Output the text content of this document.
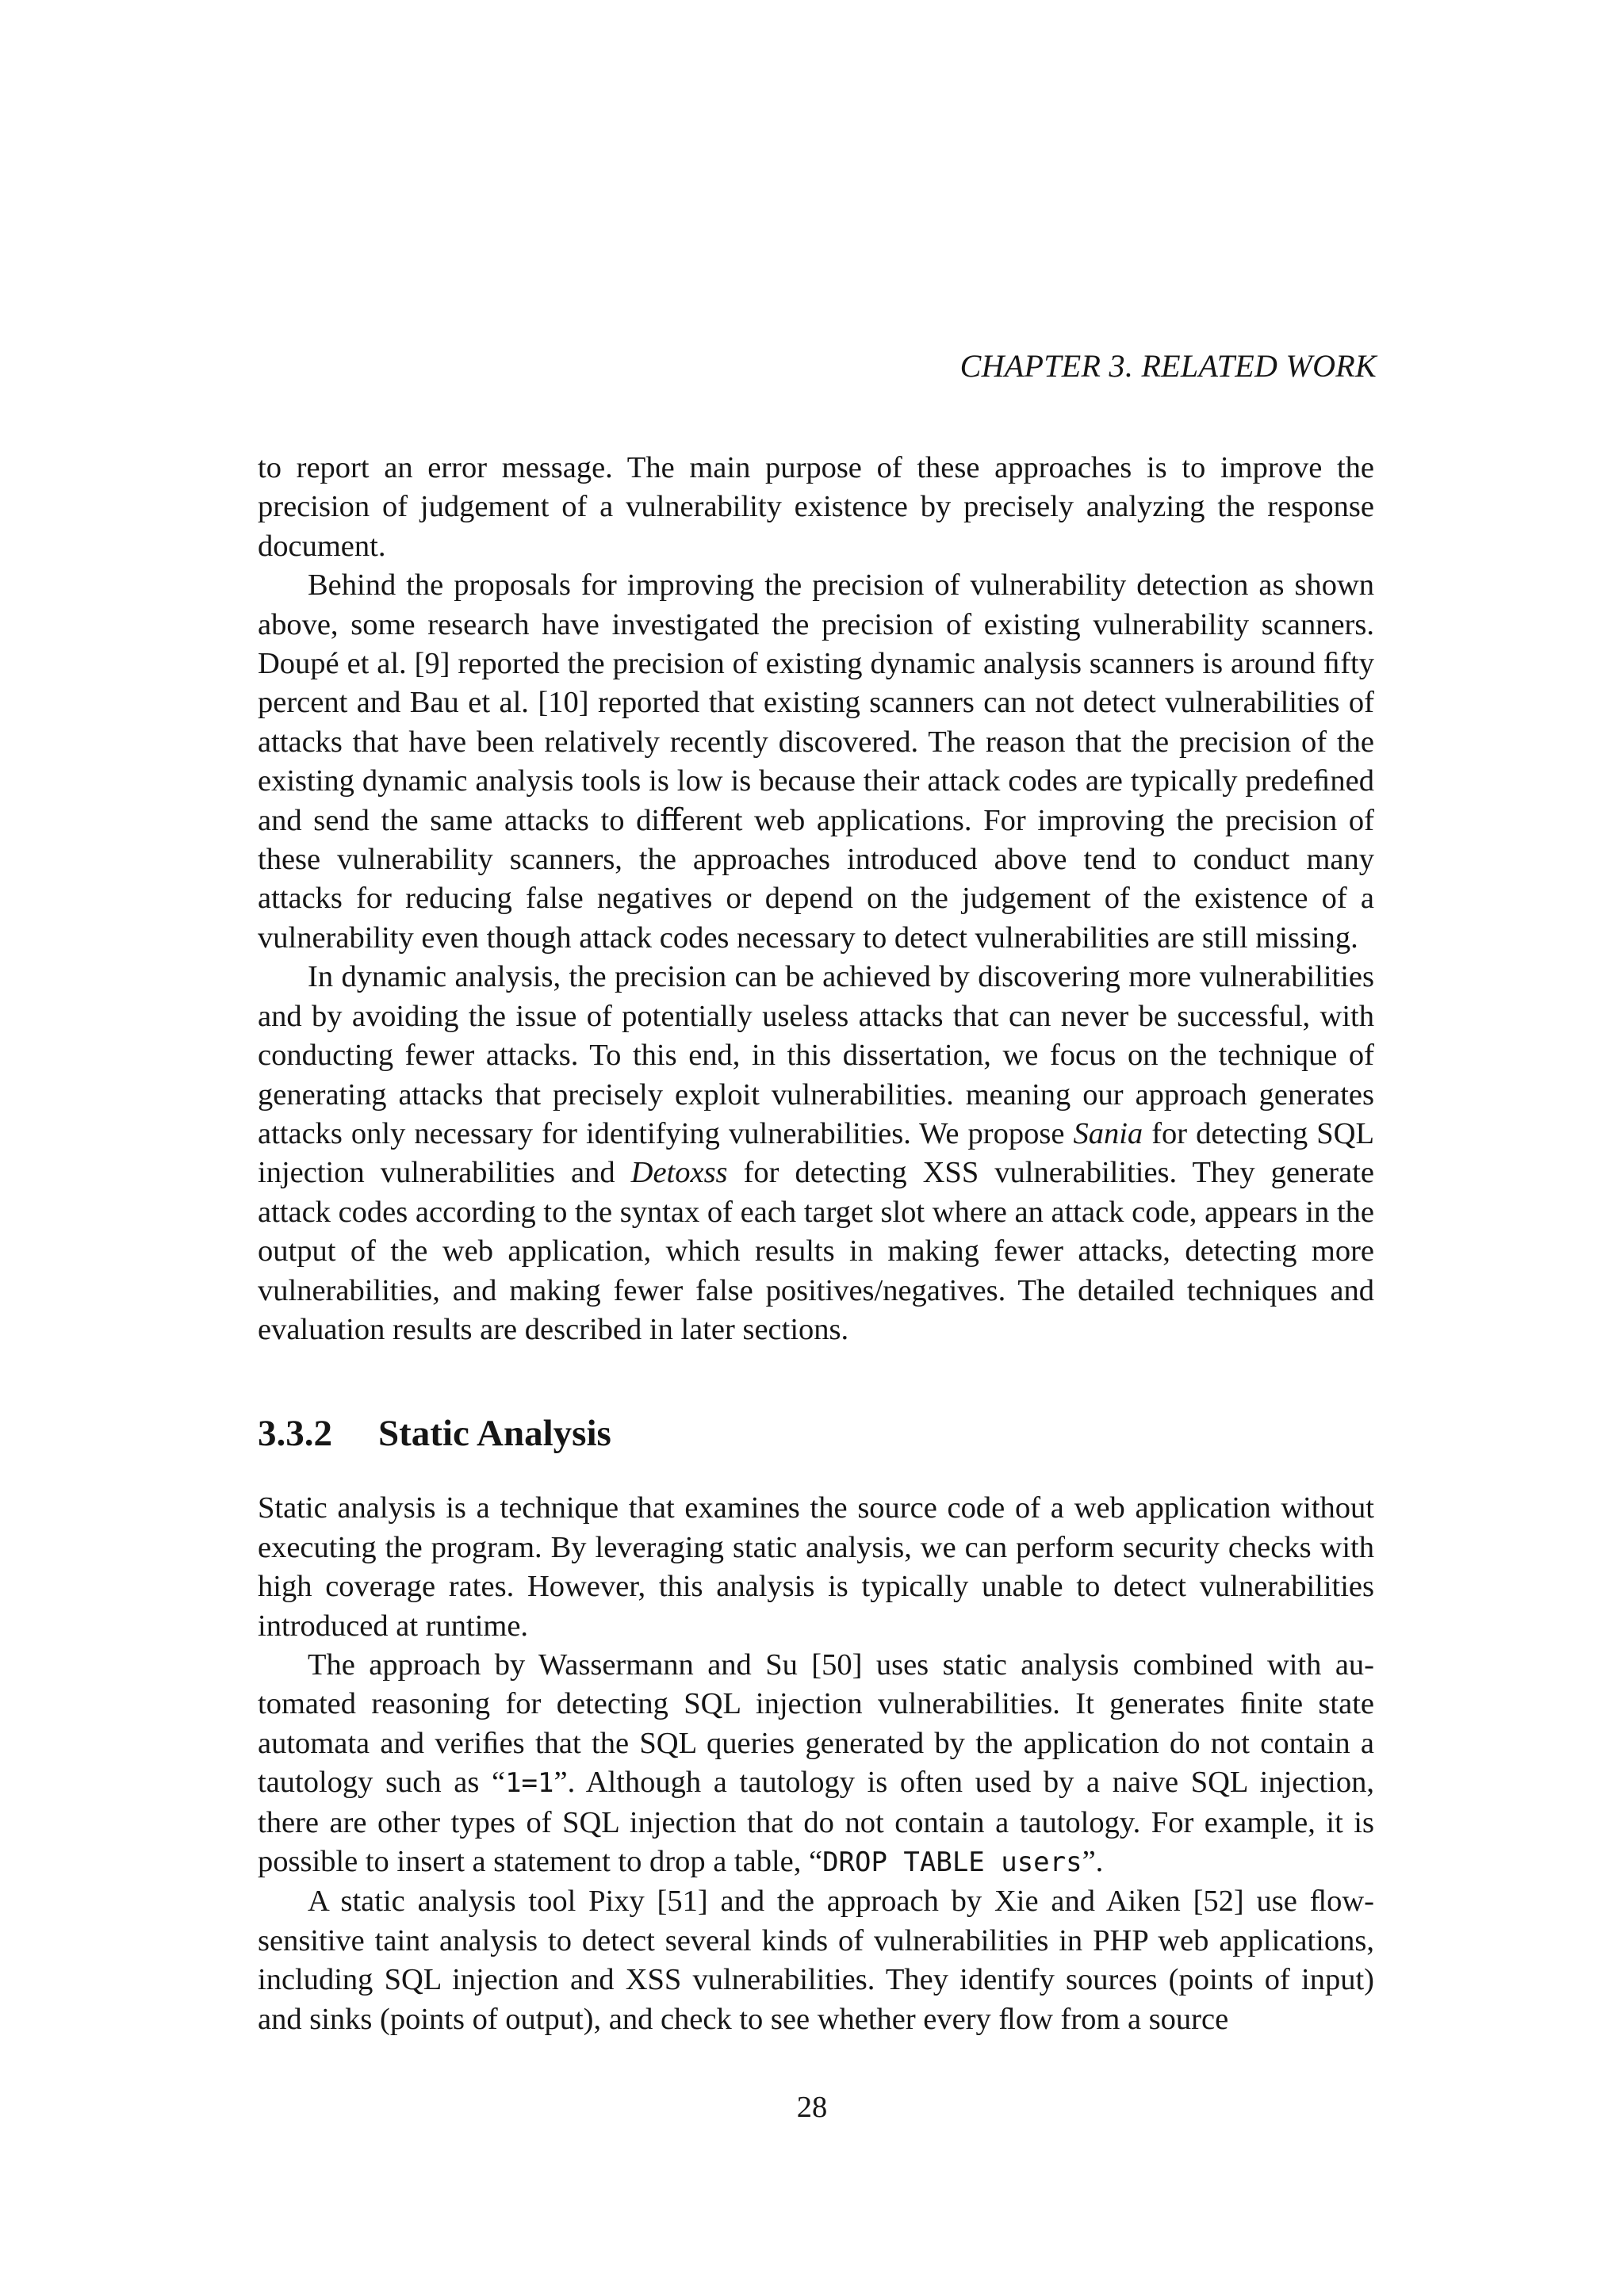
CHAPTER 3. RELATED WORK

to report an error message. The main purpose of these approaches is to improve the precision of judgement of a vulnerability existence by precisely analyzing the response document.

Behind the proposals for improving the precision of vulnerability detection as shown above, some research have investigated the precision of existing vulnerability scanners. Doupé et al. [9] reported the precision of existing dynamic analysis scanners is around ﬁfty percent and Bau et al. [10] reported that existing scanners can not detect vulnerabilities of attacks that have been relatively recently discovered. The reason that the precision of the existing dynamic analysis tools is low is because their attack codes are typically predeﬁned and send the same attacks to diﬀerent web applications. For improving the precision of these vulnerability scanners, the approaches introduced above tend to conduct many attacks for reducing false negatives or depend on the judgement of the existence of a vulnerability even though attack codes necessary to detect vulnerabilities are still missing.

In dynamic analysis, the precision can be achieved by discovering more vulnerabilities and by avoiding the issue of potentially useless attacks that can never be successful, with conducting fewer attacks. To this end, in this dissertation, we focus on the technique of generating attacks that precisely exploit vulnerabilities. meaning our approach generates attacks only necessary for identifying vulnerabilities. We propose Sania for detecting SQL injection vulnerabilities and Detoxss for detecting XSS vulnerabilities. They generate attack codes according to the syntax of each target slot where an attack code, appears in the output of the web application, which results in making fewer attacks, detecting more vulnerabilities, and making fewer false positives/negatives. The detailed techniques and evaluation results are described in later sections.

3.3.2 Static Analysis

Static analysis is a technique that examines the source code of a web application without executing the program. By leveraging static analysis, we can perform security checks with high coverage rates. However, this analysis is typically unable to detect vulnerabilities introduced at runtime.

The approach by Wassermann and Su [50] uses static analysis combined with automated reasoning for detecting SQL injection vulnerabilities. It generates ﬁnite state automata and veriﬁes that the SQL queries generated by the application do not contain a tautology such as “1=1”. Although a tautology is often used by a naive SQL injection, there are other types of SQL injection that do not contain a tautology. For example, it is possible to insert a statement to drop a table, “DROP TABLE users”.

A static analysis tool Pixy [51] and the approach by Xie and Aiken [52] use ﬂowsensitive taint analysis to detect several kinds of vulnerabilities in PHP web applications, including SQL injection and XSS vulnerabilities. They identify sources (points of input) and sinks (points of output), and check to see whether every ﬂow from a source

28
